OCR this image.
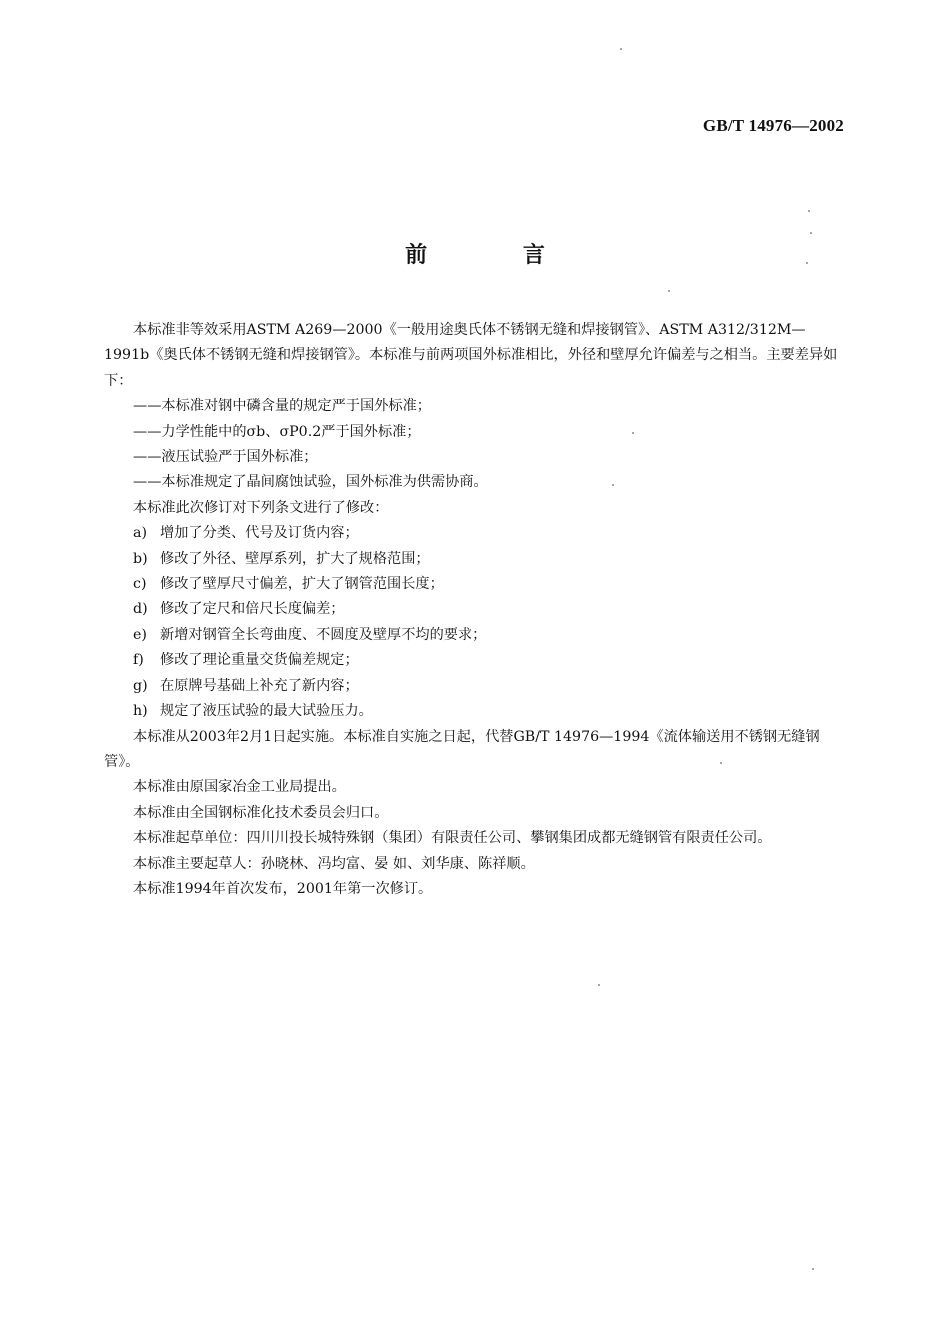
GB/T 14976—2002
前 言

本标准非等效采用ASTM A269—2000《一般用途奥氏体不锈钢无缝和焊接钢管》、ASTM A312/312M—1991b《奥氏体不锈钢无缝和焊接钢管》。本标准与前两项国外标准相比，外径和壁厚允许偏差与之相当。主要差异如下：

——本标准对钢中磷含量的规定严于国外标准；

——力学性能中的σb、σP0.2严于国外标准；

——液压试验严于国外标准；

——本标准规定了晶间腐蚀试验，国外标准为供需协商。

本标准此次修订对下列条文进行了修改：

a) 增加了分类、代号及订货内容；

b) 修改了外径、壁厚系列，扩大了规格范围；

c) 修改了壁厚尺寸偏差，扩大了钢管范围长度；

d) 修改了定尺和倍尺长度偏差；

e) 新增对钢管全长弯曲度、不圆度及壁厚不均的要求；

f) 修改了理论重量交货偏差规定；

g) 在原牌号基础上补充了新内容；

h) 规定了液压试验的最大试验压力。

本标准从2003年2月1日起实施。本标准自实施之日起，代替GB/T 14976—1994《流体输送用不锈钢无缝钢管》。

本标准由原国家冶金工业局提出。

本标准由全国钢标准化技术委员会归口。

本标准起草单位：四川川投长城特殊钢（集团）有限责任公司、攀钢集团成都无缝钢管有限责任公司。

本标准主要起草人：孙晓林、冯均富、晏 如、刘华康、陈祥顺。

本标准1994年首次发布，2001年第一次修订。
